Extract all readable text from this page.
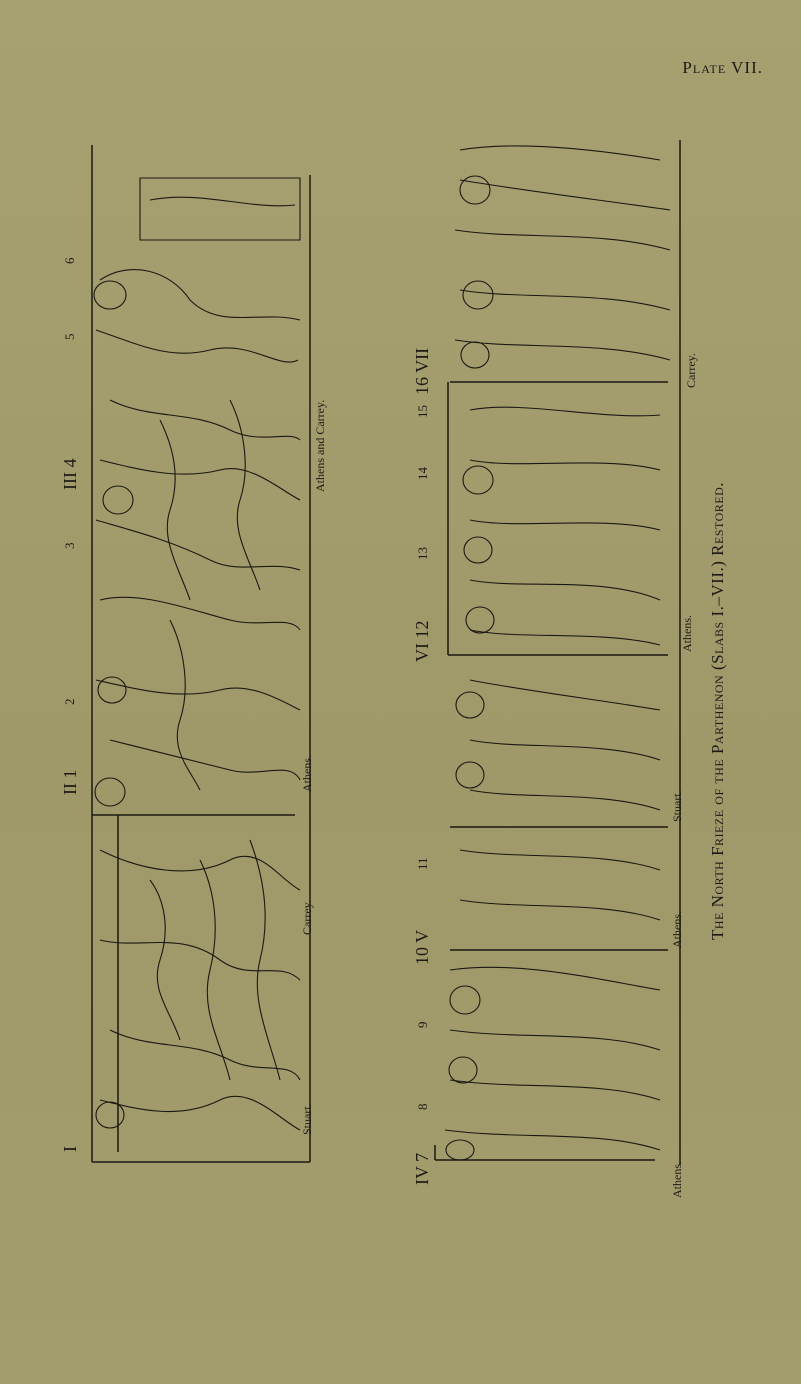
Plate VII.
I
II 1
2
3
III 4
5
6
Stuart.
Carrey.
Athens.
Athens and Carrey.
IV 7
8
9
10 V
11
VI 12
13
14
15
16 VII
Athens.
Athens.
Stuart.
Athens.
Carrey.
The North Frieze of the Parthenon (Slabs I.–VII.) Restored.
